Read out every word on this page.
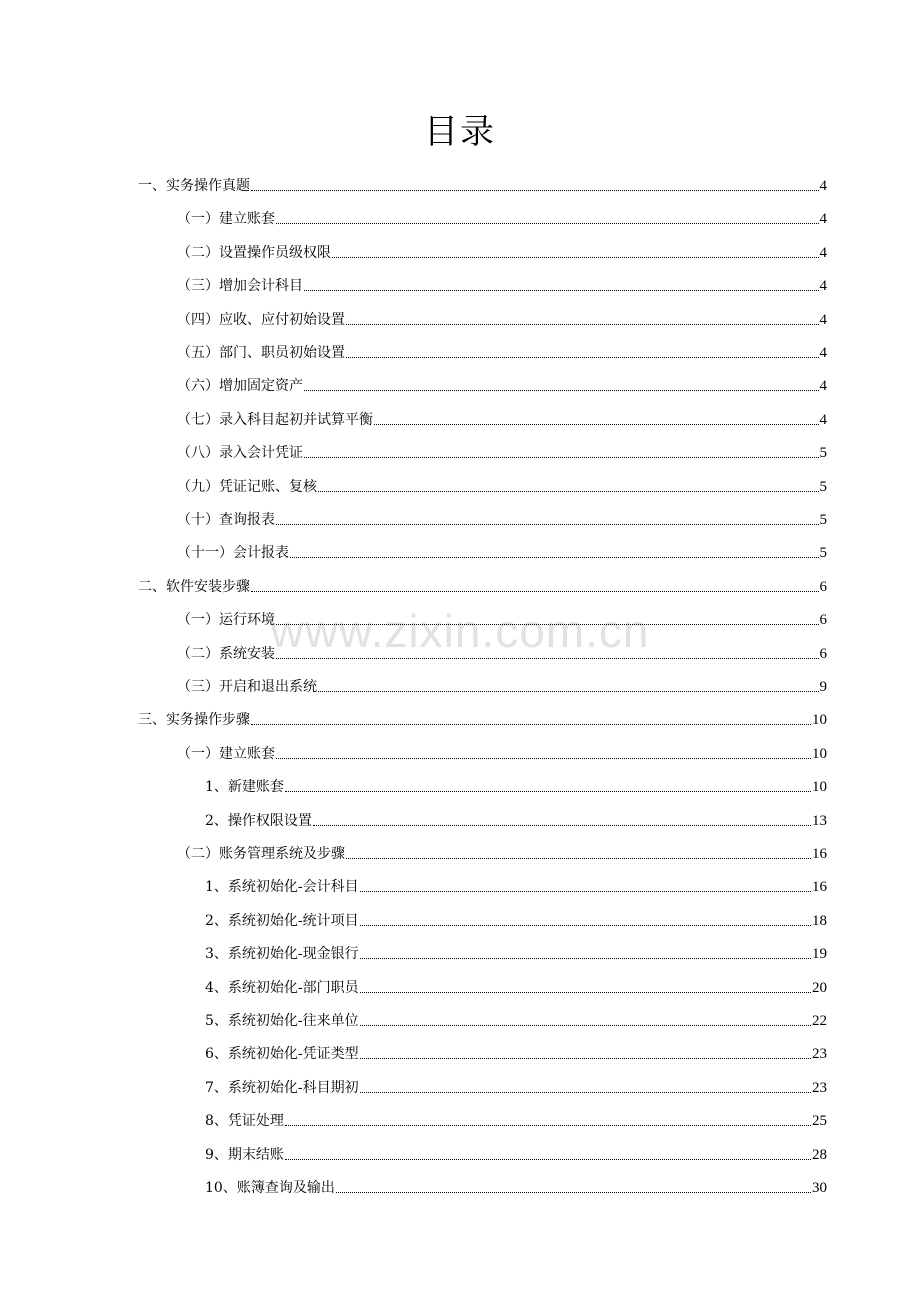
目录
www.zixin.com.cn
一、实务操作真题	4
（一）建立账套	4
（二）设置操作员级权限	4
（三）增加会计科目	4
（四）应收、应付初始设置	4
（五）部门、职员初始设置	4
（六）增加固定资产	4
（七）录入科目起初并试算平衡	4
（八）录入会计凭证	5
（九）凭证记账、复核	5
（十）查询报表	5
（十一）会计报表	5
二、软件安装步骤	6
（一）运行环境	6
（二）系统安装	6
（三）开启和退出系统	9
三、实务操作步骤	10
（一）建立账套	10
1、新建账套	10
2、操作权限设置	13
（二）账务管理系统及步骤	16
1、系统初始化-会计科目	16
2、系统初始化-统计项目	18
3、系统初始化-现金银行	19
4、系统初始化-部门职员	20
5、系统初始化-往来单位	22
6、系统初始化-凭证类型	23
7、系统初始化-科目期初	23
8、凭证处理	25
9、期末结账	28
10、账簿查询及输出	30
